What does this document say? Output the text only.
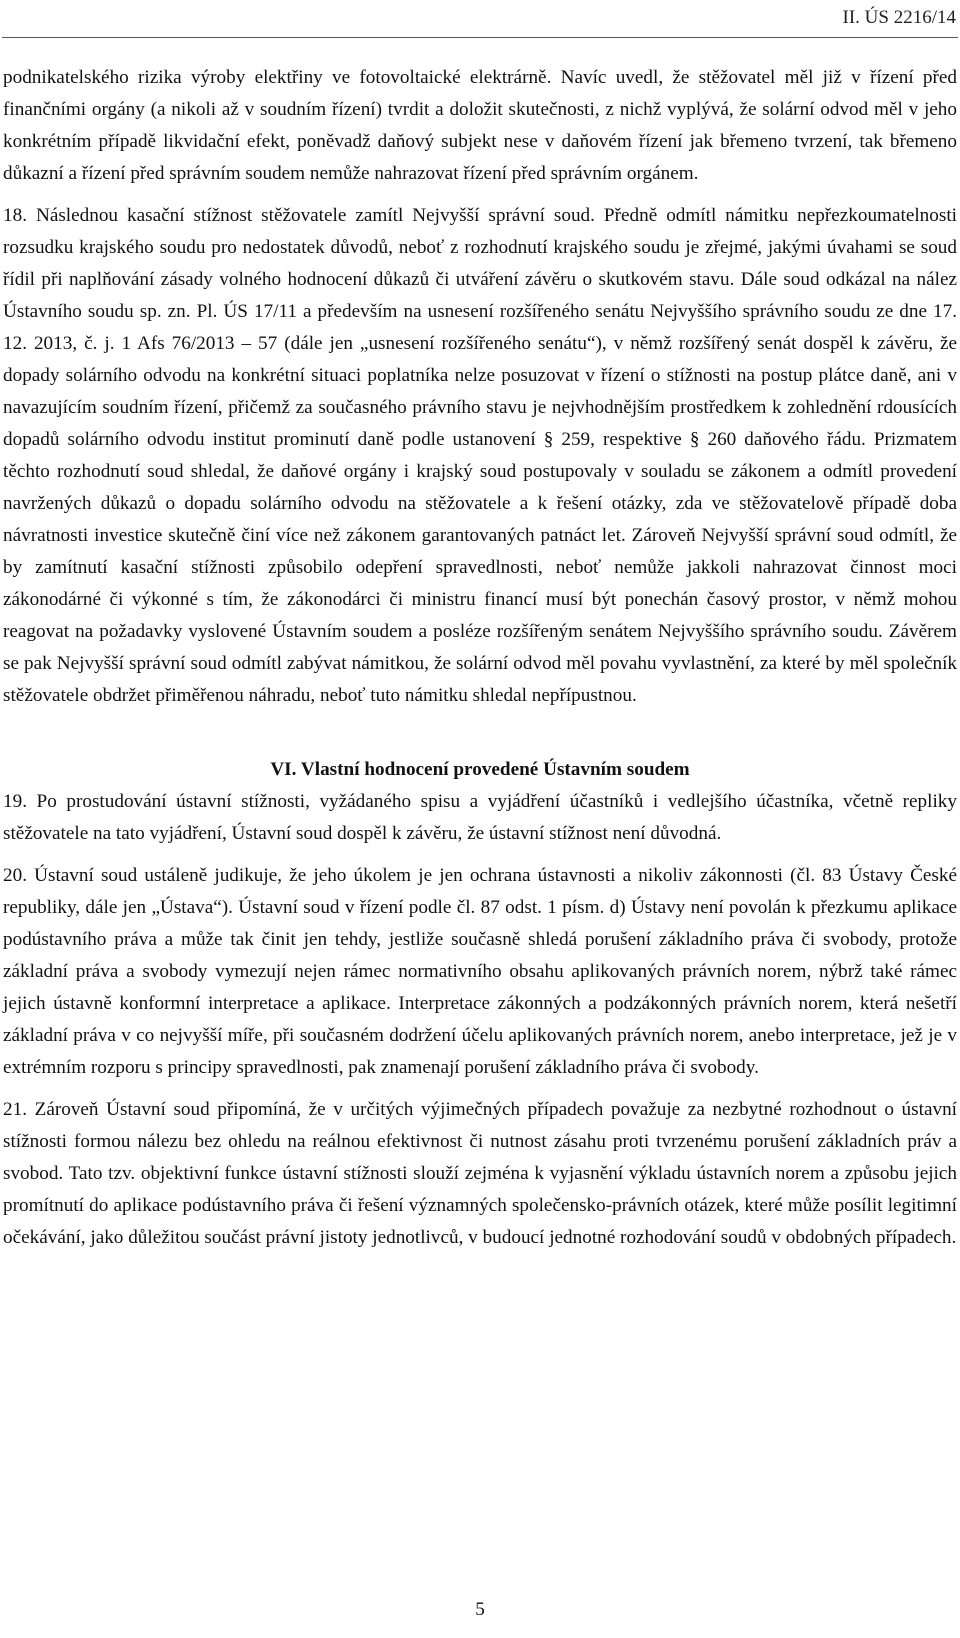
II. ÚS 2216/14

podnikatelského rizika výroby elektřiny ve fotovoltaické elektrárně. Navíc uvedl, že stěžovatel měl již v řízení před finančními orgány (a nikoli až v soudním řízení) tvrdit a doložit skutečnosti, z nichž vyplývá, že solární odvod měl v jeho konkrétním případě likvidační efekt, poněvadž daňový subjekt nese v daňovém řízení jak břemeno tvrzení, tak břemeno důkazní a řízení před správním soudem nemůže nahrazovat řízení před správním orgánem.

18. Následnou kasační stížnost stěžovatele zamítl Nejvyšší správní soud. Předně odmítl námitku nepřezkoumatelnosti rozsudku krajského soudu pro nedostatek důvodů, neboť z rozhodnutí krajského soudu je zřejmé, jakými úvahami se soud řídil při naplňování zásady volného hodnocení důkazů či utváření závěru o skutkovém stavu. Dále soud odkázal na nález Ústavního soudu sp. zn. Pl. ÚS 17/11 a především na usnesení rozšířeného senátu Nejvyššího správního soudu ze dne 17. 12. 2013, č. j. 1 Afs 76/2013 – 57 (dále jen „usnesení rozšířeného senátu“), v němž rozšířený senát dospěl k závěru, že dopady solárního odvodu na konkrétní situaci poplatníka nelze posuzovat v řízení o stížnosti na postup plátce daně, ani v navazujícím soudním řízení, přičemž za současného právního stavu je nejvhodnějším prostředkem k zohlednění rdousících dopadů solárního odvodu institut prominutí daně podle ustanovení § 259, respektive § 260 daňového řádu. Prizmatem těchto rozhodnutí soud shledal, že daňové orgány i krajský soud postupovaly v souladu se zákonem a odmítl provedení navržených důkazů o dopadu solárního odvodu na stěžovatele a k řešení otázky, zda ve stěžovatelově případě doba návratnosti investice skutečně činí více než zákonem garantovaných patnáct let. Zároveň Nejvyšší správní soud odmítl, že by zamítnutí kasační stížnosti způsobilo odepření spravedlnosti, neboť nemůže jakkoli nahrazovat činnost moci zákonodárné či výkonné s tím, že zákonodárci či ministru financí musí být ponechán časový prostor, v němž mohou reagovat na požadavky vyslovené Ústavním soudem a posléze rozšířeným senátem Nejvyššího správního soudu. Závěrem se pak Nejvyšší správní soud odmítl zabývat námitkou, že solární odvod měl povahu vyvlastnění, za které by měl společník stěžovatele obdržet přiměřenou náhradu, neboť tuto námitku shledal nepřípustnou.

VI. Vlastní hodnocení provedené Ústavním soudem

19. Po prostudování ústavní stížnosti, vyžádaného spisu a vyjádření účastníků i vedlejšího účastníka, včetně repliky stěžovatele na tato vyjádření, Ústavní soud dospěl k závěru, že ústavní stížnost není důvodná.

20. Ústavní soud ustáleně judikuje, že jeho úkolem je jen ochrana ústavnosti a nikoliv zákonnosti (čl. 83 Ústavy České republiky, dále jen „Ústava“). Ústavní soud v řízení podle čl. 87 odst. 1 písm. d) Ústavy není povolán k přezkumu aplikace podústavního práva a může tak činit jen tehdy, jestliže současně shledá porušení základního práva či svobody, protože základní práva a svobody vymezují nejen rámec normativního obsahu aplikovaných právních norem, nýbrž také rámec jejich ústavně konformní interpretace a aplikace. Interpretace zákonných a podzákonných právních norem, která nešetří základní práva v co nejvyšší míře, při současném dodržení účelu aplikovaných právních norem, anebo interpretace, jež je v extrémním rozporu s principy spravedlnosti, pak znamenají porušení základního práva či svobody.

21. Zároveň Ústavní soud připomíná, že v určitých výjimečných případech považuje za nezbytné rozhodnout o ústavní stížnosti formou nálezu bez ohledu na reálnou efektivnost či nutnost zásahu proti tvrzenému porušení základních práv a svobod. Tato tzv. objektivní funkce ústavní stížnosti slouží zejména k vyjasnění výkladu ústavních norem a způsobu jejich promítnutí do aplikace podústavního práva či řešení významných společensko-právních otázek, které může posílit legitimní očekávání, jako důležitou součást právní jistoty jednotlivců, v budoucí jednotné rozhodování soudů v obdobných případech.

5
